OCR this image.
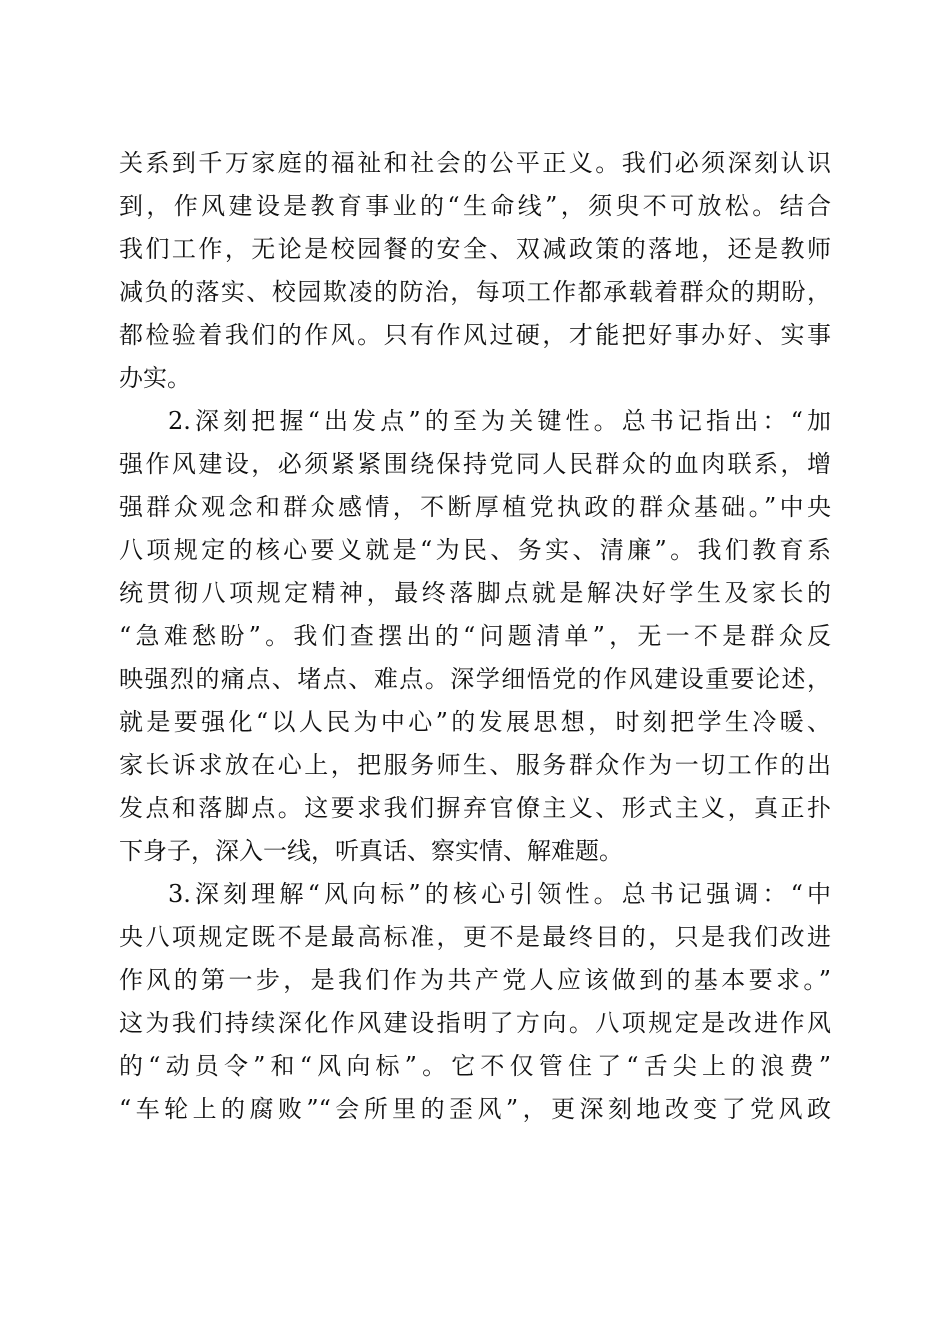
关系到千万家庭的福祉和社会的公平正义。我们必须深刻认识
到，作风建设是教育事业的“生命线”，须臾不可放松。结合
我们工作，无论是校园餐的安全、双减政策的落地，还是教师
减负的落实、校园欺凌的防治，每项工作都承载着群众的期盼，
都检验着我们的作风。只有作风过硬，才能把好事办好、实事
办实。
2.深刻把握“出发点”的至为关键性。总书记指出：“加
强作风建设，必须紧紧围绕保持党同人民群众的血肉联系，增
强群众观念和群众感情，不断厚植党执政的群众基础。”中央
八项规定的核心要义就是“为民、务实、清廉”。我们教育系
统贯彻八项规定精神，最终落脚点就是解决好学生及家长的
“急难愁盼”。我们查摆出的“问题清单”，无一不是群众反
映强烈的痛点、堵点、难点。深学细悟党的作风建设重要论述，
就是要强化“以人民为中心”的发展思想，时刻把学生冷暖、
家长诉求放在心上，把服务师生、服务群众作为一切工作的出
发点和落脚点。这要求我们摒弃官僚主义、形式主义，真正扑
下身子，深入一线，听真话、察实情、解难题。
3.深刻理解“风向标”的核心引领性。总书记强调：“中
央八项规定既不是最高标准，更不是最终目的，只是我们改进
作风的第一步，是我们作为共产党人应该做到的基本要求。”
这为我们持续深化作风建设指明了方向。八项规定是改进作风
的“动员令”和“风向标”。它不仅管住了“舌尖上的浪费”
“车轮上的腐败”“会所里的歪风”，更深刻地改变了党风政
